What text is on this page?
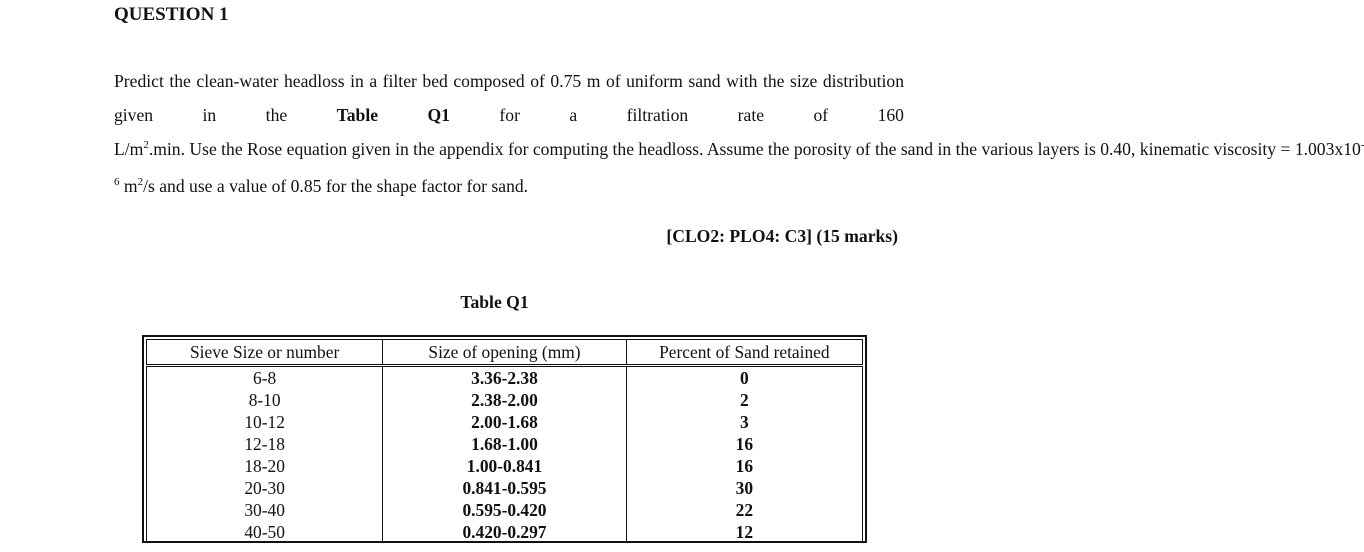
QUESTION 1

Predict the clean-water headloss in a filter bed composed of 0.75 m of uniform sand with the size distribution given in the	Table Q1	for a filtration rate of 160 $L/m^2.\min$. Use the Rose equation given in the appendix for computing the headloss. Assume the porosity of the sand in the various layers is 0.40, kinematic viscosity = 1.003x10 $^6$ $m^2/s$ and use a value of 0.85 for the shape factor for sand.

[CLO2: PLO4: C3] (15 marks)

Table Q1

Sieve Size or number	Size of opening (mm)	Percent of Sand retained
6-8	3.36-2.38	0
8-10	2.38-2.00	2
10-12	2.00-1.68	3
12-18	1.68-1.00	16
18-20	1.00-0.841	16
20-30	0.841-0.595	30
30-40	0.595-0.420	22
40-50	0.420-0.297	12
